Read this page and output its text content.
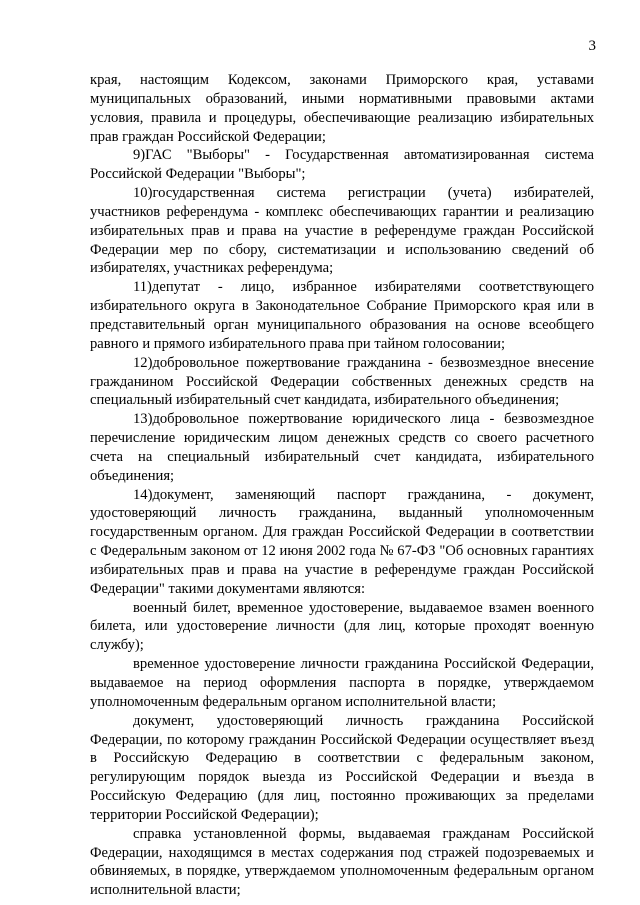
3

края, настоящим Кодексом, законами Приморского края, уставами муниципальных образований, иными нормативными правовыми актами условия, правила и процедуры, обеспечивающие реализацию избирательных прав граждан Российской Федерации;

9)ГАС "Выборы" - Государственная автоматизированная система Российской Федерации "Выборы";

10)государственная система регистрации (учета) избирателей, участников референдума - комплекс обеспечивающих гарантии и реализацию избирательных прав и права на участие в референдуме граждан Российской Федерации мер по сбору, систематизации и использованию сведений об избирателях, участниках референдума;

11)депутат - лицо, избранное избирателями соответствующего избирательного округа в Законодательное Собрание Приморского края или в представительный орган муниципального образования на основе всеобщего равного и прямого избирательного права при тайном голосовании;

12)добровольное пожертвование гражданина - безвозмездное внесение гражданином Российской Федерации собственных денежных средств на специальный избирательный счет кандидата, избирательного объединения;

13)добровольное пожертвование юридического лица - безвозмездное перечисление юридическим лицом денежных средств со своего расчетного счета на специальный избирательный счет кандидата, избирательного объединения;

14)документ, заменяющий паспорт гражданина, - документ, удостоверяющий личность гражданина, выданный уполномоченным государственным органом. Для граждан Российской Федерации в соответствии с Федеральным законом от 12 июня 2002 года № 67-ФЗ "Об основных гарантиях избирательных прав и права на участие в референдуме граждан Российской Федерации" такими документами являются:

военный билет, временное удостоверение, выдаваемое взамен военного билета, или удостоверение личности (для лиц, которые проходят военную службу);

временное удостоверение личности гражданина Российской Федерации, выдаваемое на период оформления паспорта в порядке, утверждаемом уполномоченным федеральным органом исполнительной власти;

документ, удостоверяющий личность гражданина Российской Федерации, по которому гражданин Российской Федерации осуществляет въезд в Российскую Федерацию в соответствии с федеральным законом, регулирующим порядок выезда из Российской Федерации и въезда в Российскую Федерацию (для лиц, постоянно проживающих за пределами территории Российской Федерации);

справка установленной формы, выдаваемая гражданам Российской Федерации, находящимся в местах содержания под стражей подозреваемых и обвиняемых, в порядке, утверждаемом уполномоченным федеральным органом исполнительной власти;
